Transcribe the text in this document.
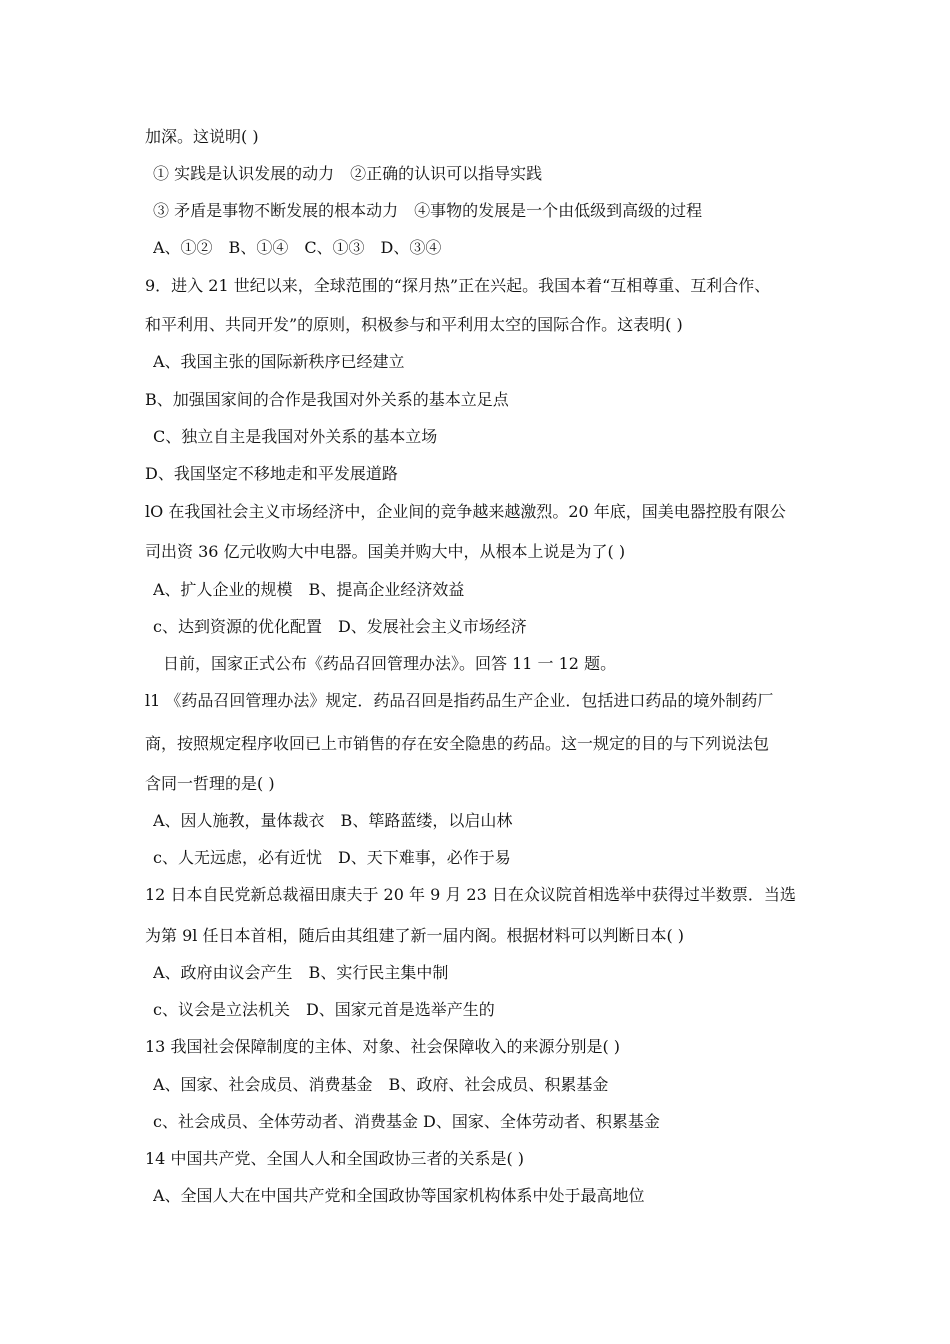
加深。这说明( )
① 实践是认识发展的动力　②正确的认识可以指导实践
③ 矛盾是事物不断发展的根本动力　④事物的发展是一个由低级到高级的过程
A、①②　B、①④　C、①③　D、③④
9．进入 21 世纪以来，全球范围的“探月热”正在兴起。我国本着“互相尊重、互利合作、
和平利用、共同开发”的原则，积极参与和平利用太空的国际合作。这表明( )
A、我国主张的国际新秩序已经建立
B、加强国家间的合作是我国对外关系的基本立足点
C、独立自主是我国对外关系的基本立场
D、我国坚定不移地走和平发展道路
lO 在我国社会主义市场经济中，企业间的竞争越来越激烈。20 年底，国美电器控股有限公
司出资 36 亿元收购大中电器。国美并购大中，从根本上说是为了( )
A、扩人企业的规模　B、提高企业经济效益
c、达到资源的优化配置　D、发展社会主义市场经济
日前，国家正式公布《药品召回管理办法》。回答 11 一 12 题。
l1 《药品召回管理办法》规定．药品召回是指药品生产企业．包括进口药品的境外制药厂
商，按照规定程序收回已上市销售的存在安全隐患的药品。这一规定的目的与下列说法包
含同一哲理的是( )
A、因人施教，量体裁衣　B、筚路蓝缕，以启山林
c、人无远虑，必有近忧　D、天下难事，必作于易
12 日本自民党新总裁福田康夫于 20 年 9 月 23 日在众议院首相选举中获得过半数票．当选
为第 9l 任日本首相，随后由其组建了新一届内阁。根据材料可以判断日本( )
A、政府由议会产生　B、实行民主集中制
c、议会是立法机关　D、国家元首是选举产生的
13 我国社会保障制度的主体、对象、社会保障收入的来源分别是( )
A、国家、社会成员、消费基金　B、政府、社会成员、积累基金
c、社会成员、全体劳动者、消费基金 D、国家、全体劳动者、积累基金
14 中国共产党、全国人人和全国政协三者的关系是( )
A、全国人大在中国共产党和全国政协等国家机构体系中处于最高地位
